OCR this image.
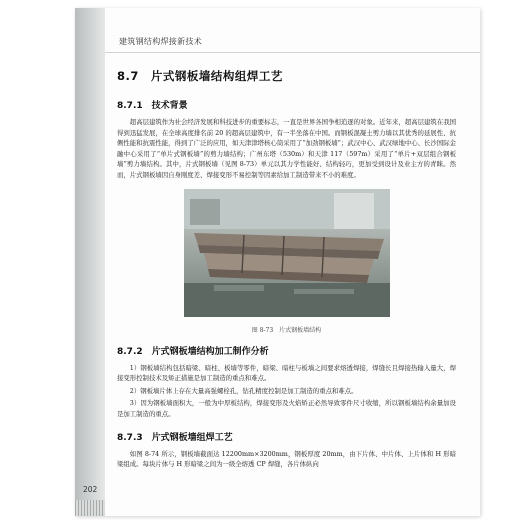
建筑钢结构焊接新技术
8.7　片式钢板墙结构组焊工艺
8.7.1　技术背景

超高层建筑作为社会经济发展和科技进步的重要标志，一直是世界各国争相追逐的对象。近年来，超高层建筑在我国得到迅猛发展，在全球高度排名前 20 的超高层建筑中，有一半坐落在中国。而钢板混凝土剪力墙以其优秀的延展性、抗侧性能和抗震性能，得到了广泛的应用，如天津津塔核心筒采用了“加劲钢板墙”；武汉中心、武汉绿地中心、长沙国际金融中心采用了“单片式钢板墙”的剪力墙结构；广州东塔（530m）和天津 117（597m）采用了“单片+双层组合钢板墙”剪力墙结构。其中，片式钢板墙（见图 8-73）单元以其力学性能好、结构轻巧，更加受到设计及业主方的青睐。然而，片式钢板墙因自身刚度差、焊接变形不易控制等因素给加工制造带来不小的难度。

图 8-73　片式钢板墙结构
8.7.2　片式钢板墙结构加工制作分析

1）钢板墙结构包括暗梁、暗柱、板墙等零件，暗梁、暗柱与板墙之间要求熔透焊接，焊缝长且焊接热输入量大，焊接变形控制技术及矫正措施是加工制造的重点和难点。

2）钢板墙片体上存在大量高强螺栓孔，钻孔精度控制是加工制造的重点和难点。

3）因为钢板墙面积大，一般为中厚板结构，焊接变形及火焰矫正必然导致零件尺寸收缩，所以钢板墙结构余量加设是加工制造的重点。

8.7.3　片式钢板墙组焊工艺

如图 8-74 所示，钢板墙截面达 12200mm×3200mm，钢板厚度 20mm，由下片体、中片体、上片体和 H 形暗梁组成。每块片体与 H 形暗梁之间为一级全熔透 CP 焊缝，各片体纵向

202
